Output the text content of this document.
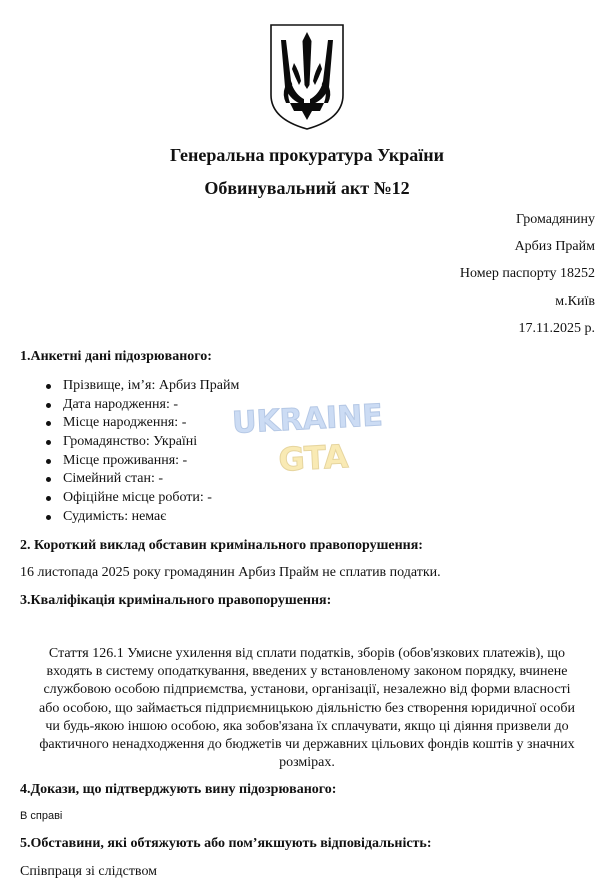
Генеральна прокуратура України
Обвинувальний акт №12
Громадянину
Арбиз Прайм
Номер паспорту 18252
м.Київ
17.11.2025 р.
1.Анкетні дані підозрюваного:
Прізвище, ім’я: Арбиз Прайм
Дата народження: -
Місце народження: -
Громадянство: Україні
Місце проживання: -
Сімейний стан: -
Офіційне місце роботи: -
Судимість: немає
UKRAINE
GTA
2. Короткий виклад обставин кримінального правопорушення:
16 листопада 2025 року громадянин Арбиз Прайм не сплатив податки.
3.Кваліфікація кримінального правопорушення:
Стаття 126.1 Умисне ухилення від сплати податків, зборів (обов'язкових платежів), що
входять в систему оподаткування, введених у встановленому законом порядку, вчинене
службовою особою підприємства, установи, організації, незалежно від форми власності
або особою, що займається підприємницькою діяльністю без створення юридичної особи
чи будь-якою іншою особою, яка зобов'язана їх сплачувати, якщо ці діяння призвели до
фактичного ненадходження до бюджетів чи державних цільових фондів коштів у значних
розмірах.
4.Докази, що підтверджують вину підозрюваного:
В справі
5.Обставини, які обтяжують або пом’якшують відповідальність:
Співпраця зі слідством
